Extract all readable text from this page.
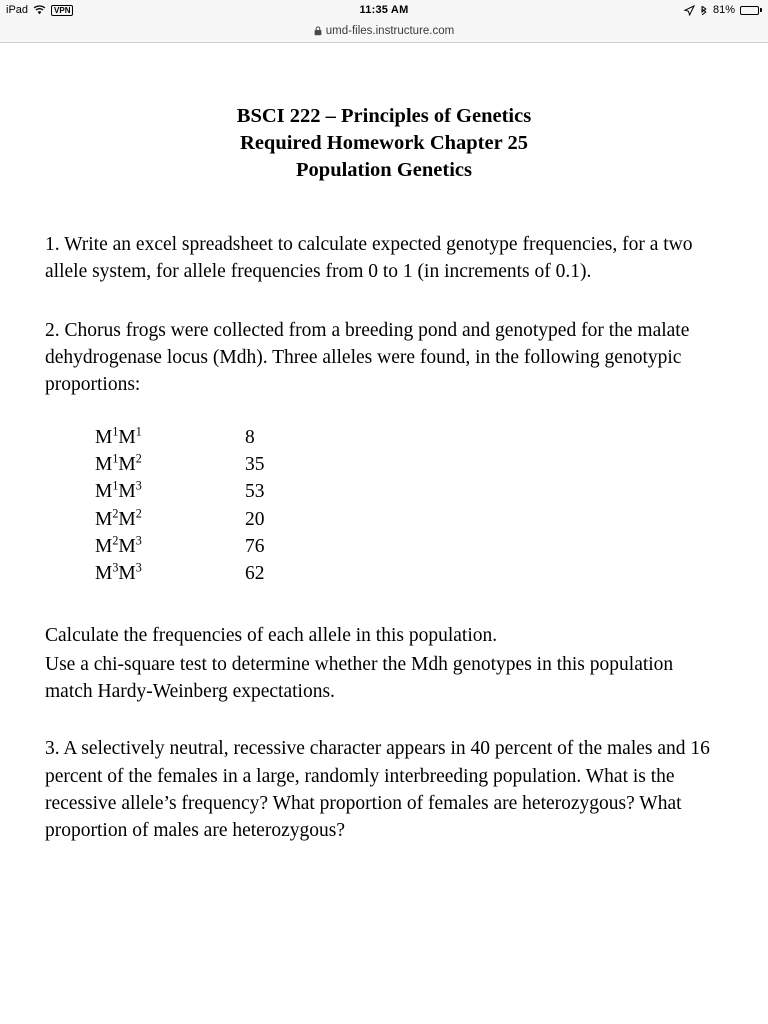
iPad	VPN	11:35 AM	81%
umd-files.instructure.com
BSCI 222 – Principles of Genetics
Required Homework Chapter 25
Population Genetics

1. Write an excel spreadsheet to calculate expected genotype frequencies, for a two allele system, for allele frequencies from 0 to 1 (in increments of 0.1).

2. Chorus frogs were collected from a breeding pond and genotyped for the malate dehydrogenase locus (Mdh). Three alleles were found, in the following genotypic proportions:

$M^1M^1$	8
$M^1M^2$	35
$M^1M^3$	53
$M^2M^2$	20
$M^2M^3$	76
$M^3M^3$	62
Calculate the frequencies of each allele in this population.
Use a chi-square test to determine whether the Mdh genotypes in this population match Hardy-Weinberg expectations.

3. A selectively neutral, recessive character appears in 40 percent of the males and 16 percent of the females in a large, randomly interbreeding population. What is the recessive allele’s frequency? What proportion of females are heterozygous? What proportion of males are heterozygous?
